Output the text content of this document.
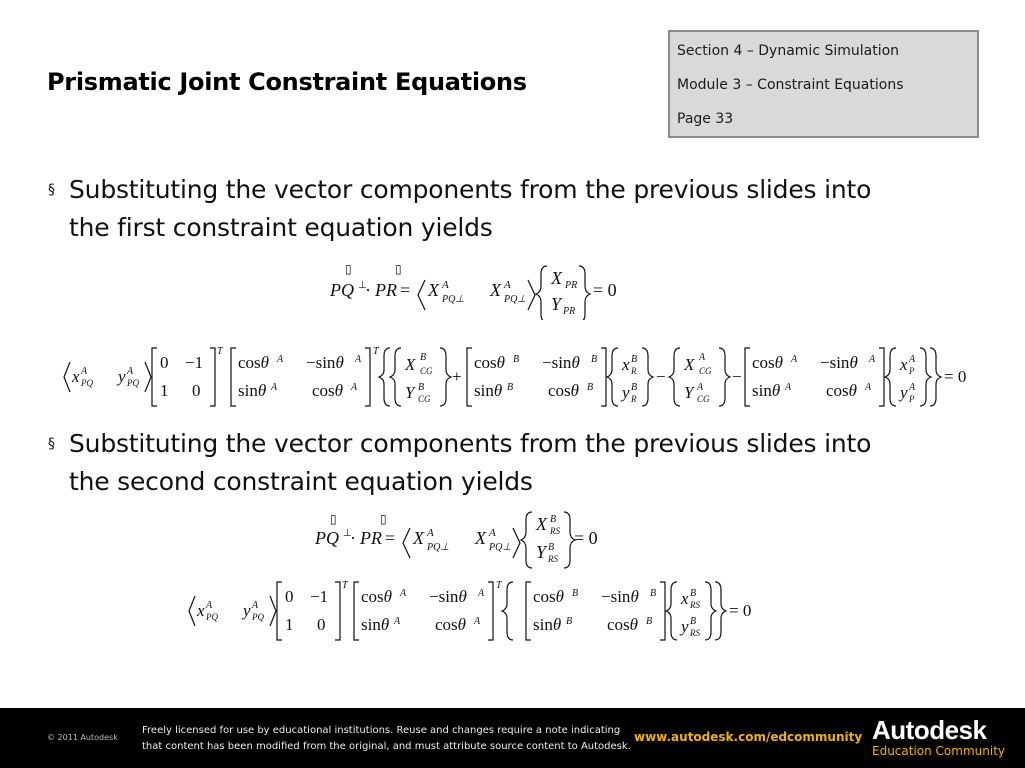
Prismatic Joint Constraint Equations
Section 4 – Dynamic Simulation
Module 3 – Constraint Equations
Page 33
§ Substituting the vector components from the previous slides into
the first constraint equation yields
▯	▯
PQ ⊥
· PR = X A
PQ⊥ X A
PQ⊥
X PR
Y PR
= 0
x A
PQ y A
PQ
0 −1
1 0
T
cosθ A −sinθ A
sinθ A cosθ A
T
X B
CG
Y B
CG
+
cosθ B −sinθ B
sinθ B cosθ B
x B
R
y B
R
−
X A
CG
Y A
CG
−
cosθ A −sinθ A
sinθ A cosθ A
x A
P
y A
P
= 0
§ Substituting the vector components from the previous slides into
the second constraint equation yields
▯	▯
PQ ⊥
· PR = X A
PQ⊥ X A
PQ⊥
X B
RS
Y B
RS
= 0
x A
PQ y A
PQ
0 −1
1 0
T
cosθ A −sinθ A
sinθ A cosθ A
T
cosθ B −sinθ B
sinθ B cosθ B
x B
RS
y B
RS
= 0
© 2011 Autodesk
Freely licensed for use by educational institutions. Reuse and changes require a note indicating
that content has been modified from the original, and must attribute source content to Autodesk.
www.autodesk.com/edcommunity Autodesk
Education Community
